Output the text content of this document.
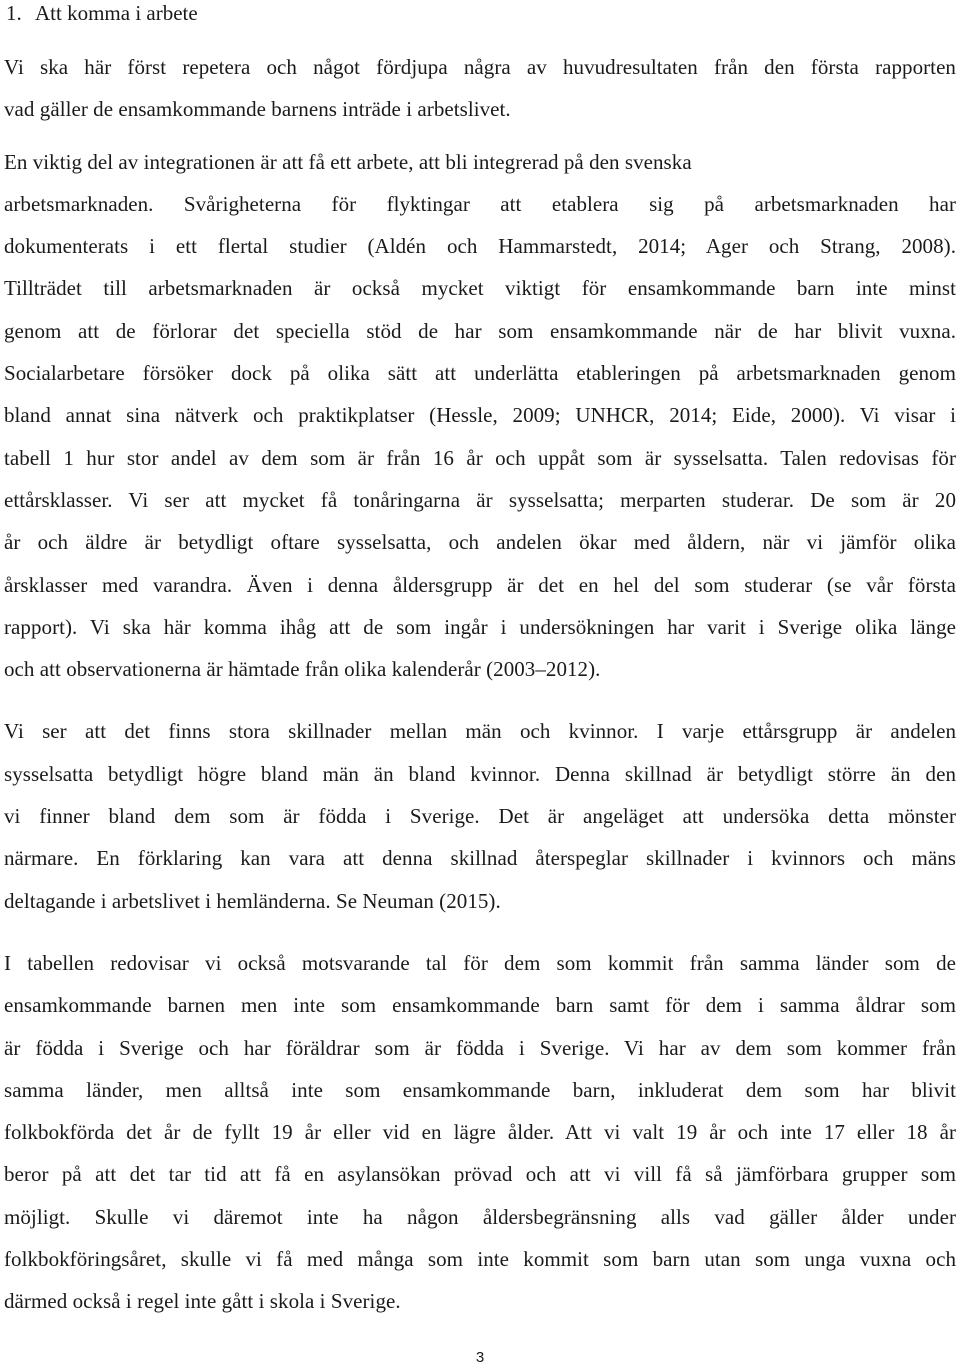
1. Att komma i arbete

Vi ska här först repetera och något fördjupa några av huvudresultaten från den första rapporten
vad gäller de ensamkommande barnens inträde i arbetslivet.

En viktig del av integrationen är att få ett arbete, att bli integrerad på den svenska
arbetsmarknaden. Svårigheterna för flyktingar att etablera sig på arbetsmarknaden har
dokumenterats i ett flertal studier (Aldén och Hammarstedt, 2014; Ager och Strang, 2008).
Tillträdet till arbetsmarknaden är också mycket viktigt för ensamkommande barn inte minst
genom att de förlorar det speciella stöd de har som ensamkommande när de har blivit vuxna.
Socialarbetare försöker dock på olika sätt att underlätta etableringen på arbetsmarknaden genom
bland annat sina nätverk och praktikplatser (Hessle, 2009; UNHCR, 2014; Eide, 2000). Vi visar i
tabell 1 hur stor andel av dem som är från 16 år och uppåt som är sysselsatta. Talen redovisas för
ettårsklasser. Vi ser att mycket få tonåringarna är sysselsatta; merparten studerar. De som är 20
år och äldre är betydligt oftare sysselsatta, och andelen ökar med åldern, när vi jämför olika
årsklasser med varandra. Även i denna åldersgrupp är det en hel del som studerar (se vår första
rapport). Vi ska här komma ihåg att de som ingår i undersökningen har varit i Sverige olika länge
och att observationerna är hämtade från olika kalenderår (2003–2012).

Vi ser att det finns stora skillnader mellan män och kvinnor. I varje ettårsgrupp är andelen
sysselsatta betydligt högre bland män än bland kvinnor. Denna skillnad är betydligt större än den
vi finner bland dem som är födda i Sverige. Det är angeläget att undersöka detta mönster
närmare. En förklaring kan vara att denna skillnad återspeglar skillnader i kvinnors och mäns
deltagande i arbetslivet i hemländerna. Se Neuman (2015).

I tabellen redovisar vi också motsvarande tal för dem som kommit från samma länder som de
ensamkommande barnen men inte som ensamkommande barn samt för dem i samma åldrar som
är födda i Sverige och har föräldrar som är födda i Sverige. Vi har av dem som kommer från
samma länder, men alltså inte som ensamkommande barn, inkluderat dem som har blivit
folkbokförda det år de fyllt 19 år eller vid en lägre ålder. Att vi valt 19 år och inte 17 eller 18 år
beror på att det tar tid att få en asylansökan prövad och att vi vill få så jämförbara grupper som
möjligt. Skulle vi däremot inte ha någon åldersbegränsning alls vad gäller ålder under
folkbokföringsåret, skulle vi få med många som inte kommit som barn utan som unga vuxna och
därmed också i regel inte gått i skola i Sverige.

3
